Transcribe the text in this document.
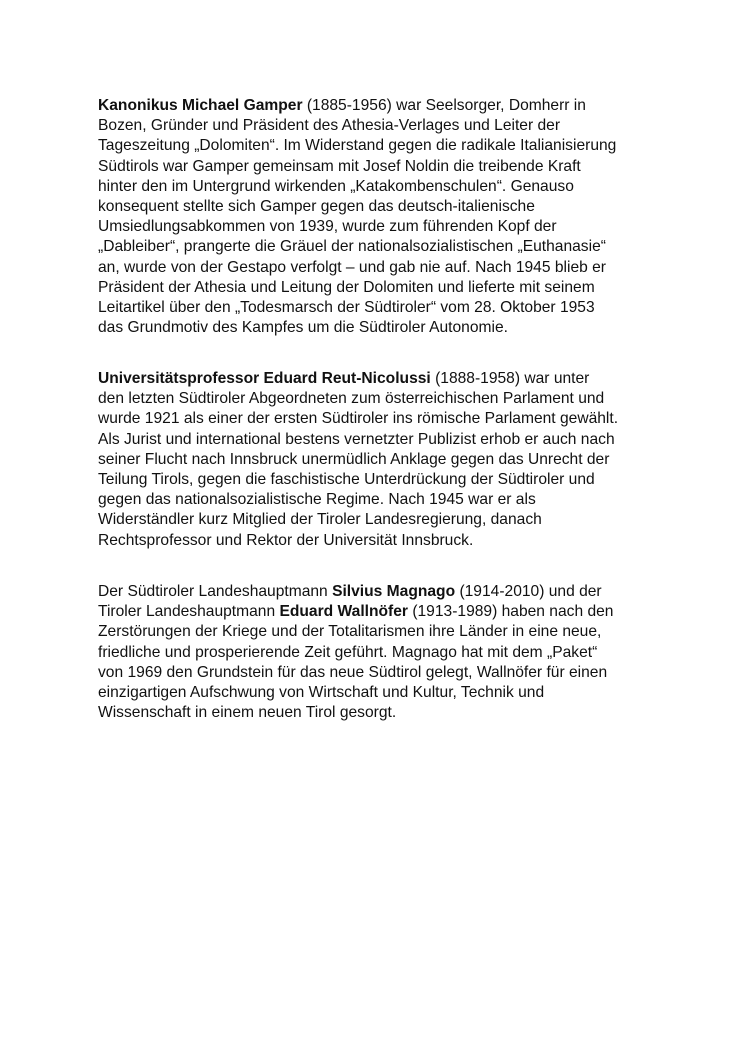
Kanonikus Michael Gamper (1885-1956) war Seelsorger, Domherr in
Bozen, Gründer und Präsident des Athesia-Verlages und Leiter der
Tageszeitung „Dolomiten“. Im Widerstand gegen die radikale Italianisierung
Südtirols war Gamper gemeinsam mit Josef Noldin die treibende Kraft
hinter den im Untergrund wirkenden „Katakombenschulen“. Genauso
konsequent stellte sich Gamper gegen das deutsch-italienische
Umsiedlungsabkommen von 1939, wurde zum führenden Kopf der
„Dableiber“, prangerte die Gräuel der nationalsozialistischen „Euthanasie“
an, wurde von der Gestapo verfolgt – und gab nie auf. Nach 1945 blieb er
Präsident der Athesia und Leitung der Dolomiten und lieferte mit seinem
Leitartikel über den „Todesmarsch der Südtiroler“ vom 28. Oktober 1953
das Grundmotiv des Kampfes um die Südtiroler Autonomie.
Universitätsprofessor Eduard Reut-Nicolussi (1888-1958) war unter
den letzten Südtiroler Abgeordneten zum österreichischen Parlament und
wurde 1921 als einer der ersten Südtiroler ins römische Parlament gewählt.
Als Jurist und international bestens vernetzter Publizist erhob er auch nach
seiner Flucht nach Innsbruck unermüdlich Anklage gegen das Unrecht der
Teilung Tirols, gegen die faschistische Unterdrückung der Südtiroler und
gegen das nationalsozialistische Regime. Nach 1945 war er als
Widerständler kurz Mitglied der Tiroler Landesregierung, danach
Rechtsprofessor und Rektor der Universität Innsbruck.
Der Südtiroler Landeshauptmann Silvius Magnago (1914-2010) und der
Tiroler Landeshauptmann Eduard Wallnöfer (1913-1989) haben nach den
Zerstörungen der Kriege und der Totalitarismen ihre Länder in eine neue,
friedliche und prosperierende Zeit geführt. Magnago hat mit dem „Paket“
von 1969 den Grundstein für das neue Südtirol gelegt, Wallnöfer für einen
einzigartigen Aufschwung von Wirtschaft und Kultur, Technik und
Wissenschaft in einem neuen Tirol gesorgt.
